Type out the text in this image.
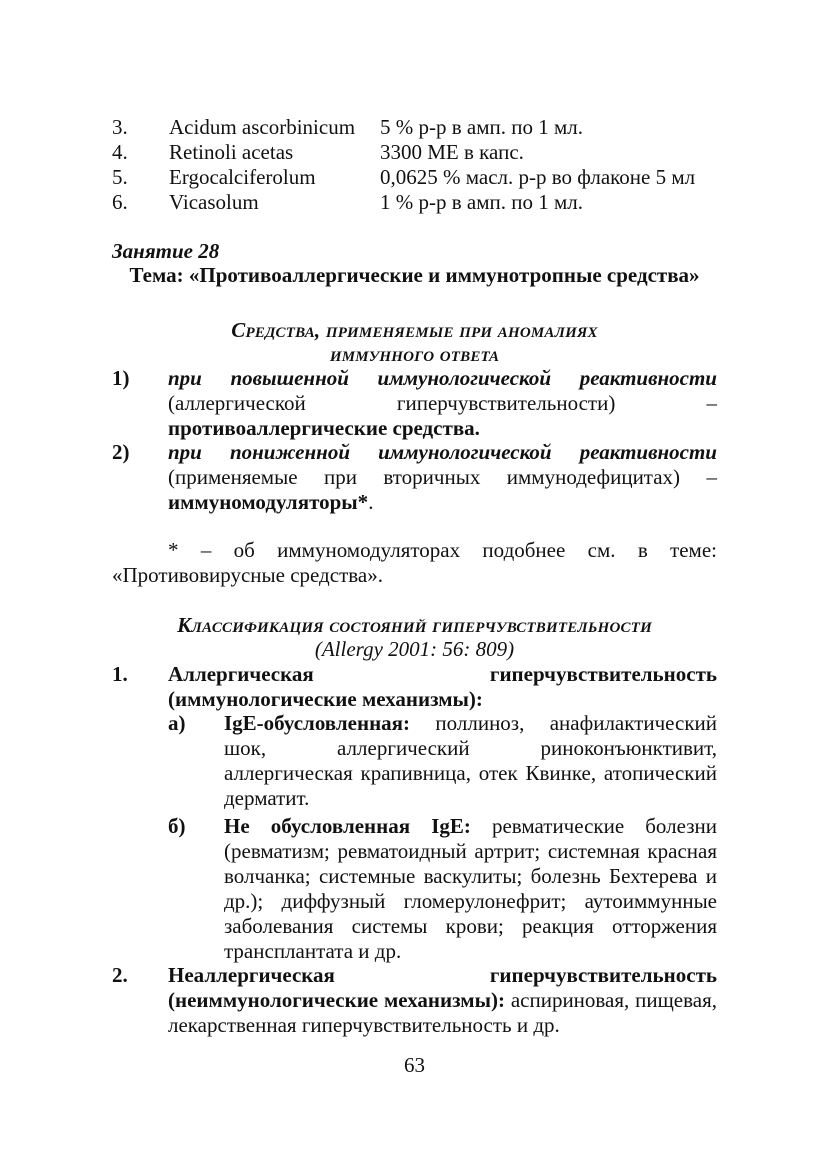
3.	Acidum ascorbinicum	5 % р-р в амп. по 1 мл.
4.	Retinoli acetas	3300 МЕ в капс.
5.	Ergocalciferolum	0,0625 % масл. р-р во флаконе 5 мл
6.	Vicasolum	1 % р-р в амп. по 1 мл.
Занятие 28
Тема: «Противоаллергические и иммунотропные средства»
Средства, применяемые при аномалиях
иммунного ответа
1) при повышенной иммунологической реактивности (аллергической гиперчувствительности) – противоаллергические средства.
2) при пониженной иммунологической реактивности (применяемые при вторичных иммунодефицитах) – иммуномодуляторы*.
* – об иммуномодуляторах подобнее см. в теме: «Противовирусные средства».
Классификация состояний гиперчувствительности
(Allergy 2001: 56: 809)
1. Аллергическая гиперчувствительность (иммунологические механизмы):
а) IgE-обусловленная: поллиноз, анафилактический шок, аллергический риноконъюнктивит, аллергическая крапивница, отек Квинке, атопический дерматит.
б) Не обусловленная IgE: ревматические болезни (ревматизм; ревматоидный артрит; системная красная волчанка; системные васкулиты; болезнь Бехтерева и др.); диффузный гломерулонефрит; аутоиммунные заболевания системы крови; реакция отторжения трансплантата и др.
2. Неаллергическая гиперчувствительность (неиммунологические механизмы): аспириновая, пищевая, лекарственная гиперчувствительность и др.
63
